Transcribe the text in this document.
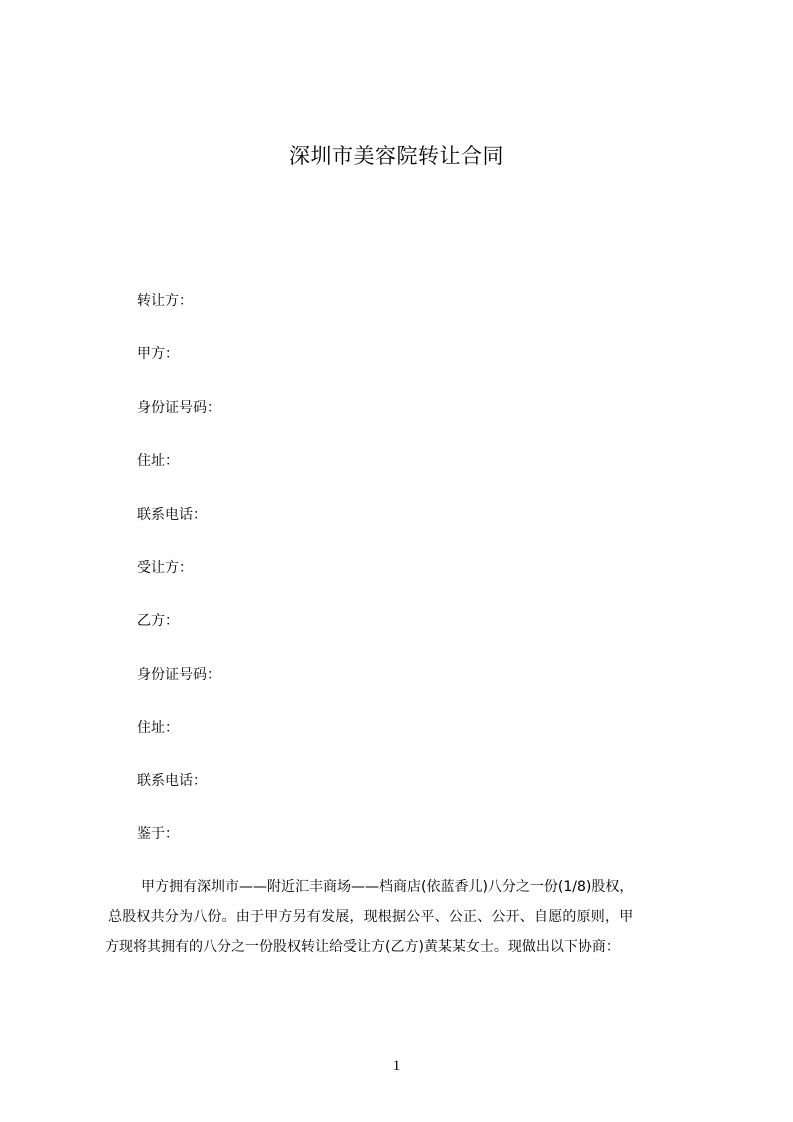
深圳市美容院转让合同
转让方：
甲方：
身份证号码：
住址：
联系电话：
受让方：
乙方：
身份证号码：
住址：
联系电话：
鉴于：
甲方拥有深圳市——附近汇丰商场——档商店(依蓝香儿)八分之一份(1/8)股权，
总股权共分为八份。由于甲方另有发展，现根据公平、公正、公开、自愿的原则，甲
方现将其拥有的八分之一份股权转让给受让方(乙方)黄某某女士。现做出以下协商：
1
